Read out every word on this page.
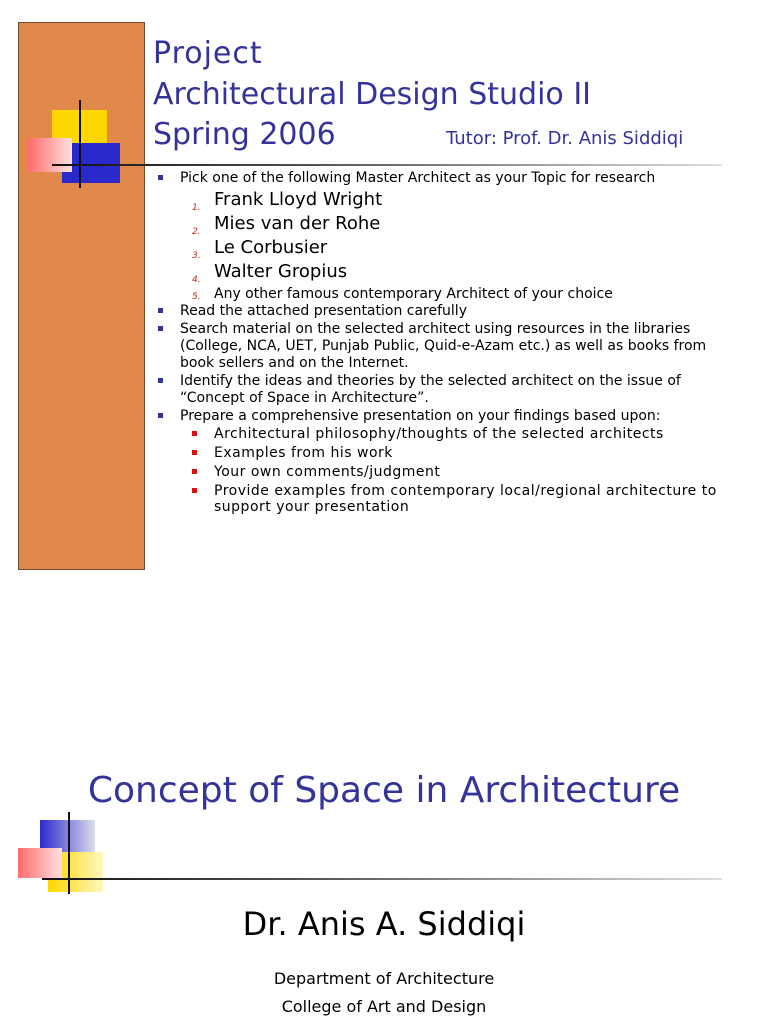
Project
Architectural Design Studio II
Spring 2006	Tutor: Prof. Dr. Anis Siddiqi
Pick one of the following Master Architect as your Topic for research
1. Frank Lloyd Wright
2. Mies van der Rohe
3. Le Corbusier
4. Walter Gropius
5. Any other famous contemporary Architect of your choice
Read the attached presentation carefully
Search material on the selected architect using resources in the libraries (College, NCA, UET, Punjab Public, Quid-e-Azam etc.) as well as books from book sellers and on the Internet.
Identify the ideas and theories by the selected architect on the issue of “Concept of Space in Architecture”.
Prepare a comprehensive presentation on your findings based upon:
Architectural philosophy/thoughts of the selected architects
Examples from his work
Your own comments/judgment
Provide examples from contemporary local/regional architecture to support your presentation
Concept of Space in Architecture
Dr. Anis A. Siddiqi
Department of Architecture
College of Art and Design
